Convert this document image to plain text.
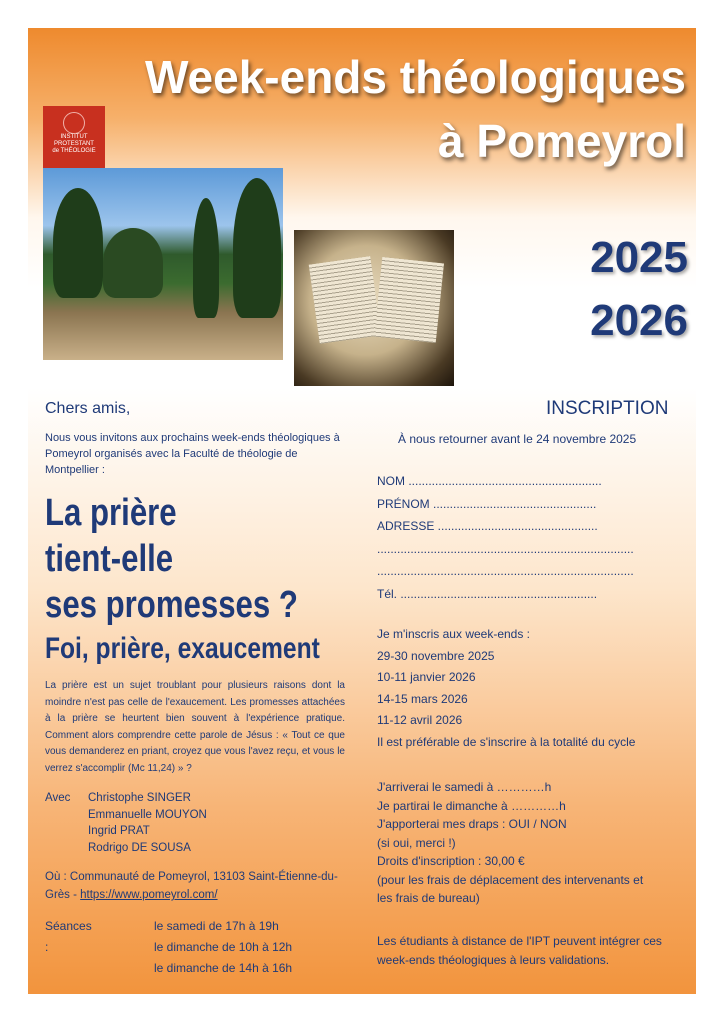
Week-ends théologiques
à Pomeyrol
INSTITUT
PROTESTANT
de THÉOLOGIE
2025
2026
Chers amis,
Nous vous invitons aux prochains week-ends théologiques à Pomeyrol organisés avec la Faculté de théologie de Montpellier :
La prière
tient-elle
ses promesses ?
Foi, prière, exaucement
La prière est un sujet troublant pour plusieurs raisons dont la moindre n'est pas celle de l'exaucement. Les promesses attachées à la prière se heurtent bien souvent à l'expérience pratique. Comment alors comprendre cette parole de Jésus : « Tout ce que vous demanderez en priant, croyez que vous l'avez reçu, et vous le verrez s'accomplir (Mc 11,24) » ?
Avec Christophe SINGER
Emmanuelle MOUYON
Ingrid PRAT
Rodrigo DE SOUSA
Où : Communauté de Pomeyrol, 13103 Saint-Étienne-du-Grès - https://www.pomeyrol.com/
Séances :
le samedi de 17h à 19h
le dimanche de 10h à 12h
le dimanche de 14h à 16h
INSCRIPTION
À nous retourner avant le 24 novembre 2025
NOM ..........................................................
PRÉNOM .................................................
ADRESSE ................................................
.............................................................................
.............................................................................
Tél. ...........................................................
Je m'inscris aux week-ends :
29-30 novembre 2025
10-11 janvier 2026
14-15 mars 2026
11-12 avril 2026
Il est préférable de s'inscrire à la totalité du cycle
J'arriverai le samedi à …………h
Je partirai le dimanche à …………h
J'apporterai mes draps : OUI / NON
(si oui, merci !)
Droits d'inscription : 30,00 €
(pour les frais de déplacement des intervenants et
les frais de bureau)
Les étudiants à distance de l'IPT peuvent intégrer ces
week-ends théologiques à leurs validations.
